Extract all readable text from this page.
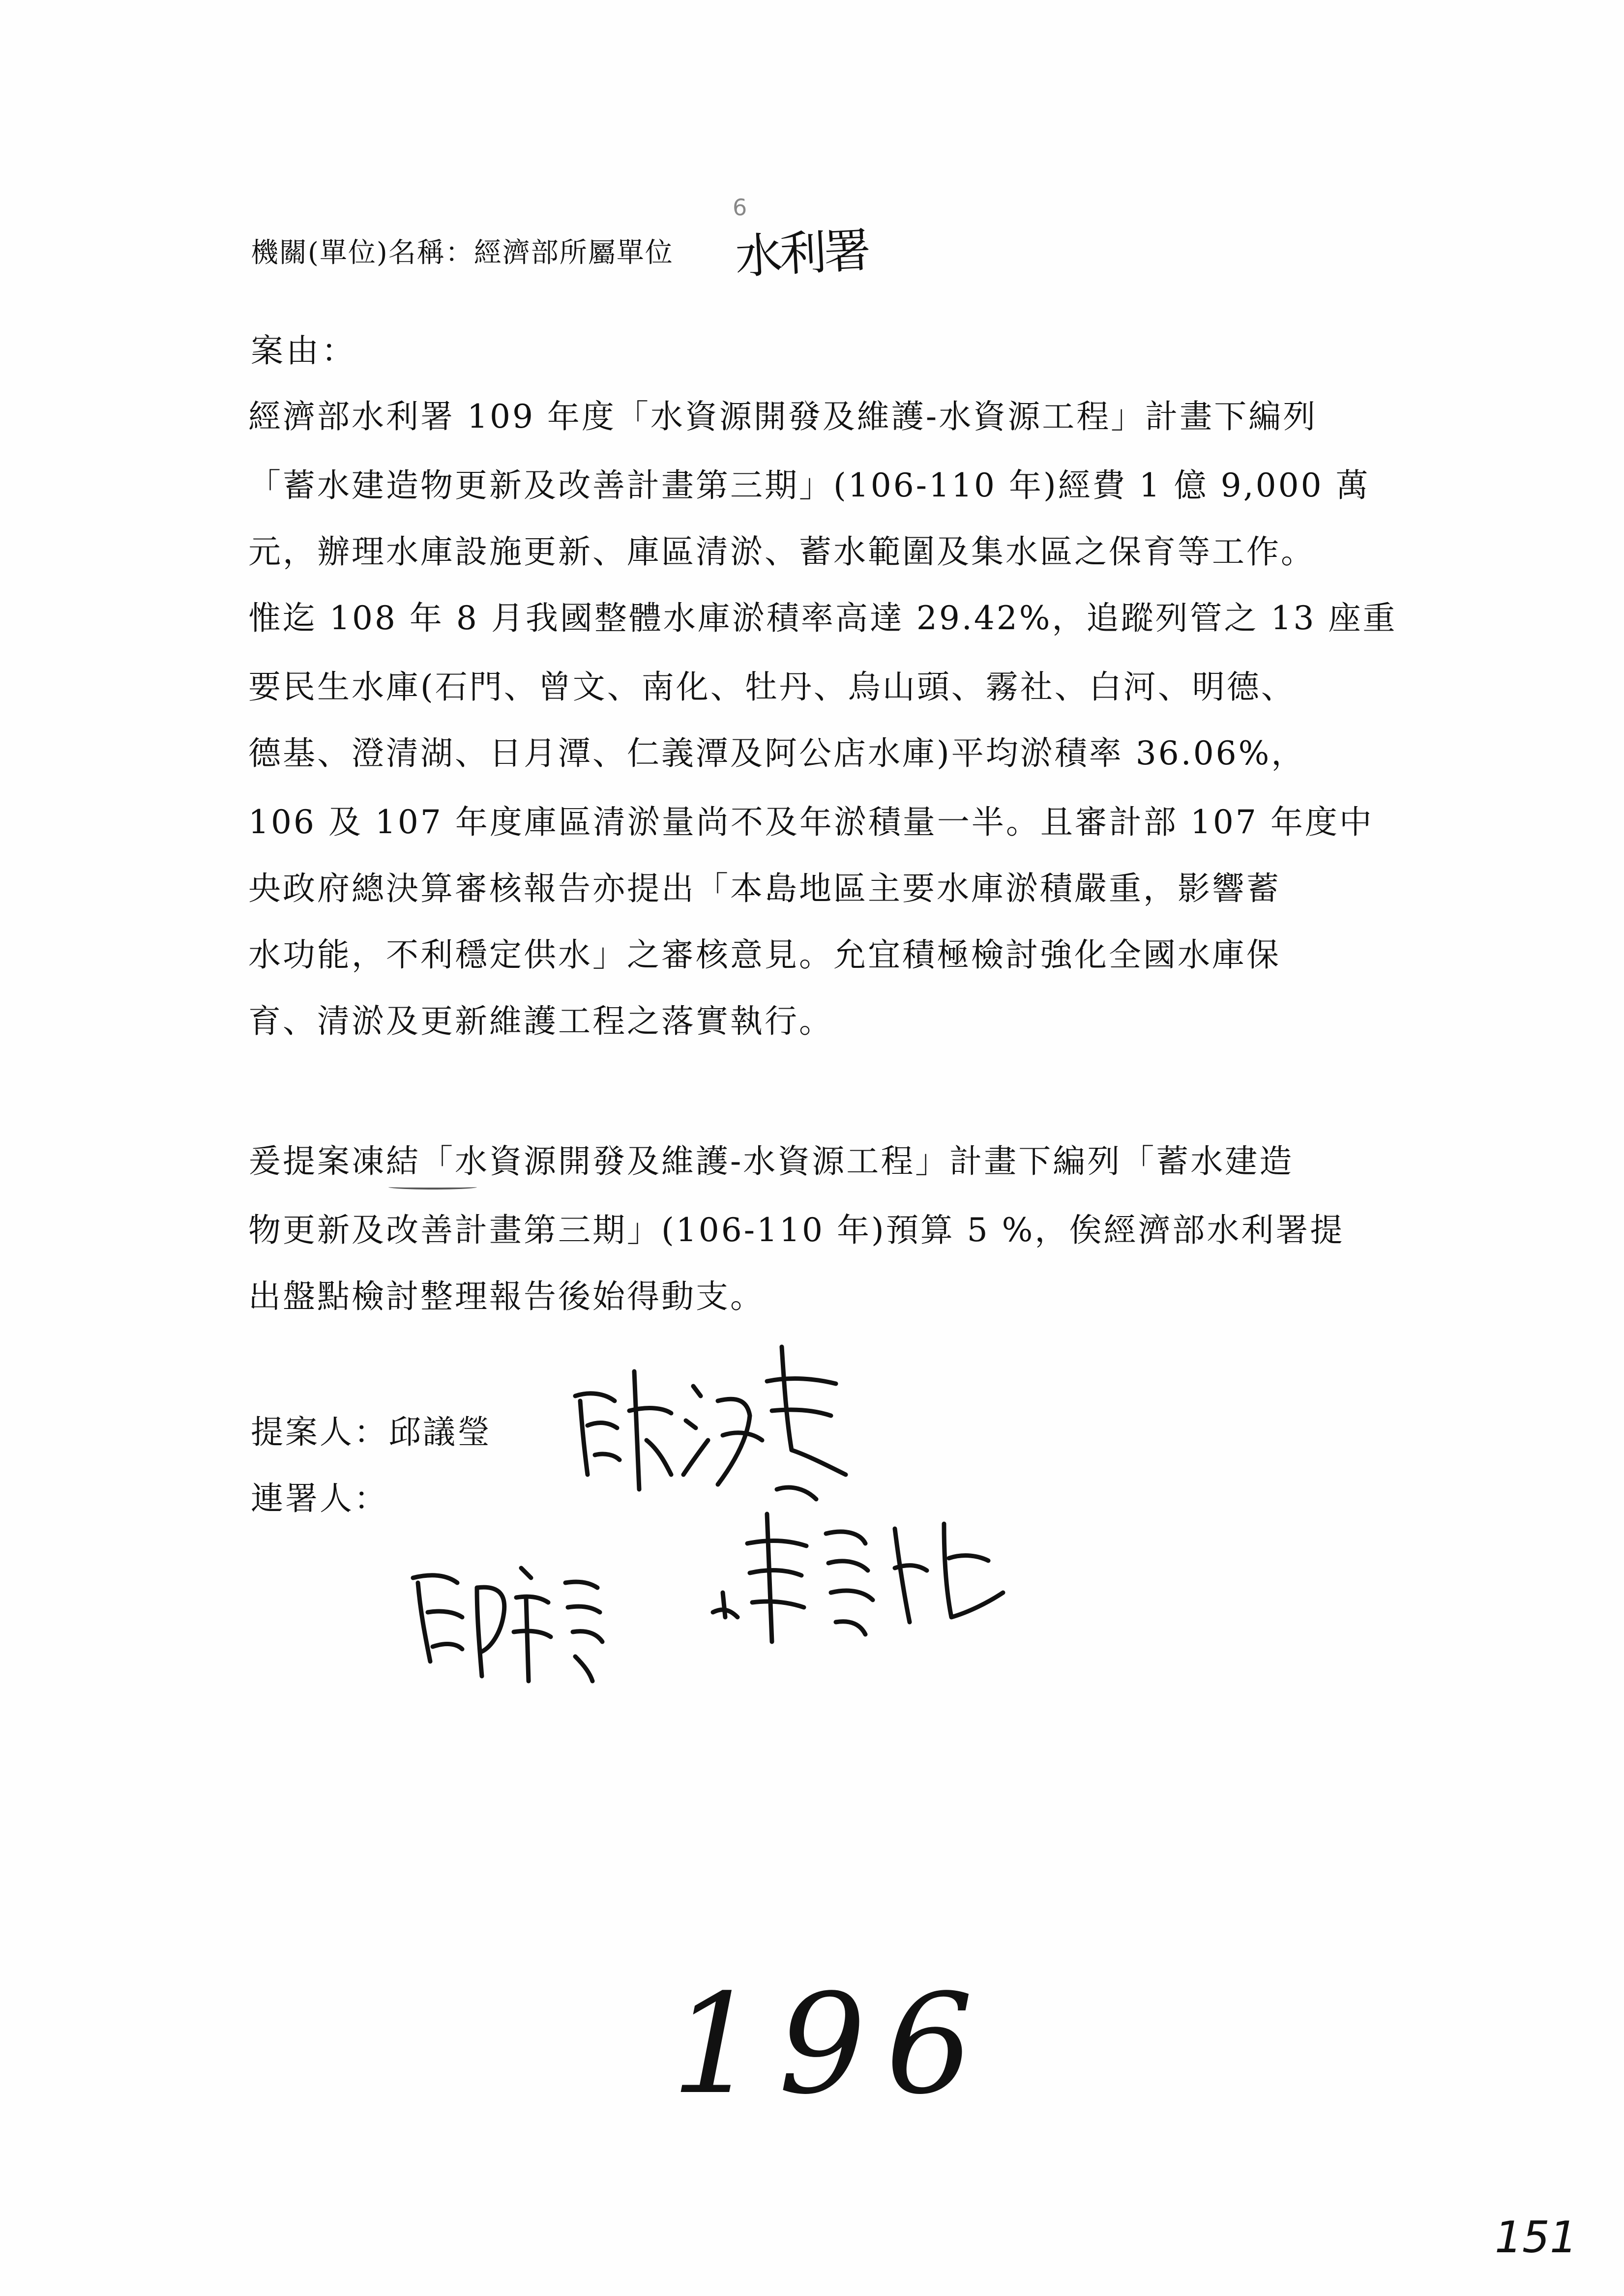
6
機關(單位)名稱：經濟部所屬單位 水利署
案由：
經濟部水利署 109 年度「水資源開發及維護-水資源工程」計畫下編列
「蓄水建造物更新及改善計畫第三期」(106-110 年)經費 1 億 9,000 萬
元，辦理水庫設施更新、庫區清淤、蓄水範圍及集水區之保育等工作。
惟迄 108 年 8 月我國整體水庫淤積率高達 29.42%，追蹤列管之 13 座重
要民生水庫(石門、曾文、南化、牡丹、烏山頭、霧社、白河、明德、
德基、澄清湖、日月潭、仁義潭及阿公店水庫)平均淤積率 36.06%，
106 及 107 年度庫區清淤量尚不及年淤積量一半。且審計部 107 年度中
央政府總決算審核報告亦提出「本島地區主要水庫淤積嚴重，影響蓄
水功能，不利穩定供水」之審核意見。允宜積極檢討強化全國水庫保
育、清淤及更新維護工程之落實執行。
爰提案凍結「水資源開發及維護-水資源工程」計畫下編列「蓄水建造
物更新及改善計畫第三期」(106-110 年)預算 5 %，俟經濟部水利署提
出盤點檢討整理報告後始得動支。
提案人：邱議瑩
連署人：
196
151
